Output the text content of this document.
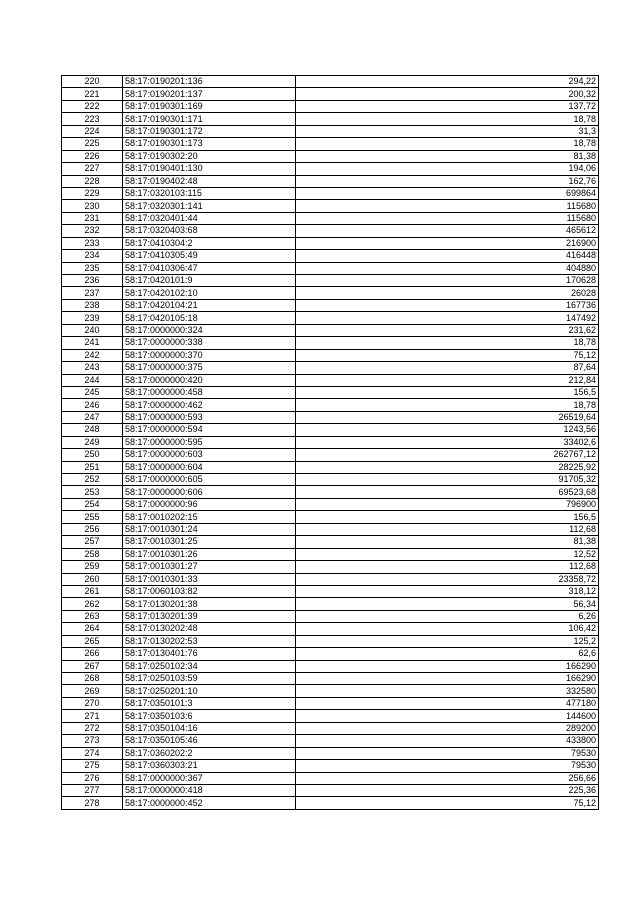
220	58:17:0190201:136	294,22
221	58:17:0190201:137	200,32
222	58:17:0190301:169	137,72
223	58:17:0190301:171	18,78
224	58:17:0190301:172	31,3
225	58:17:0190301:173	18,78
226	58:17:0190302:20	81,38
227	58:17:0190401:130	194,06
228	58:17:0190402:48	162,76
229	58:17:0320103:115	699864
230	58:17:0320301:141	115680
231	58:17:0320401:44	115680
232	58:17:0320403:68	465612
233	58:17:0410304:2	216900
234	58:17:0410305:49	416448
235	58:17:0410306:47	404880
236	58:17:0420101:9	170628
237	58:17:0420102:10	26028
238	58:17:0420104:21	167736
239	58:17:0420105:18	147492
240	58:17:0000000:324	231,62
241	58:17:0000000:338	18,78
242	58:17:0000000:370	75,12
243	58:17:0000000:375	87,64
244	58:17:0000000:420	212,84
245	58:17:0000000:458	156,5
246	58:17:0000000:462	18,78
247	58:17:0000000:593	26519,64
248	58:17:0000000:594	1243,56
249	58:17:0000000:595	33402,6
250	58:17:0000000:603	262767,12
251	58:17:0000000:604	28225,92
252	58:17:0000000:605	91705,32
253	58:17:0000000:606	69523,68
254	58:17:0000000:96	796900
255	58:17:0010202:15	156,5
256	58:17:0010301:24	112,68
257	58:17:0010301:25	81,38
258	58:17:0010301:26	12,52
259	58:17:0010301:27	112,68
260	58:17:0010301:33	23358,72
261	58:17:0060103:82	318,12
262	58:17:0130201:38	56,34
263	58:17:0130201:39	6,26
264	58:17:0130202:48	106,42
265	58:17:0130202:53	125,2
266	58:17:0130401:76	62,6
267	58:17:0250102:34	166290
268	58:17:0250103:59	166290
269	58:17:0250201:10	332580
270	58:17:0350101:3	477180
271	58:17:0350103:6	144600
272	58:17:0350104:16	289200
273	58:17:0350105:46	433800
274	58:17:0360202:2	79530
275	58:17:0360303:21	79530
276	58:17:0000000:367	256,66
277	58:17:0000000:418	225,36
278	58:17:0000000:452	75,12
